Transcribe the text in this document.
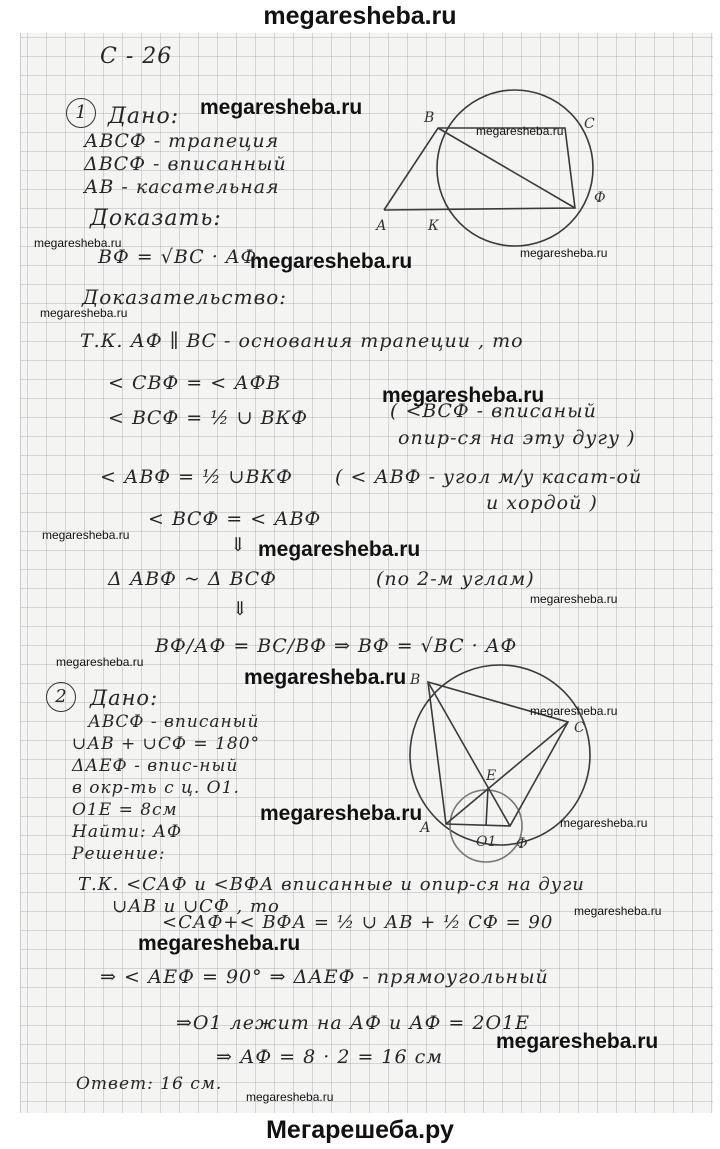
megaresheba.ru
С - 26
1 Дано:
АВСФ - трапеция
ΔВСФ - вписанный
АВ - касательная
Доказать:
ВФ = √BC · AФ
Доказательство:
Т.К. АФ ∥ ВС - основания трапеции , то
< СВФ = < АФВ
< ВСФ = ½ ∪ ВКФ	( <ВСФ - вписаный
опир-ся на эту дугу )
< АВФ = ½ ∪ВКФ ( < АВФ - угол м/у касат-ой
и хордой )
< ВСФ = < АВФ
⇓
Δ АВФ ~ Δ ВСФ	(по 2-м углам)
⇓
ВФ/АФ = ВС/ВФ ⇒ ВФ = √BC · AФ
В	С
Ф
А	К
2	Дано:
АВСФ - вписаный
∪АВ + ∪СФ = 180°
ΔАЕФ - впис-ный
в окр-ть с ц. О1.
О1Е = 8см
Найти: АФ
Решение:
Т.К. <САФ и <ВФА вписанные и опир-ся на дуги
∪АВ и ∪СФ , то
<САФ+< ВФА = ½ ∪ АВ + ½ СФ = 90
⇒ < АЕФ = 90° ⇒ ΔАЕФ - прямоугольный
⇒О1 лежит на АФ и АФ = 2О1Е
⇒ АФ = 8 · 2 = 16 см
Ответ: 16 см.
В
С
Е
А
О1 Ф
megaresheba.ru
megaresheba.ru
megaresheba.ru
megaresheba.ru
megaresheba.ru
megaresheba.ru
megaresheba.ru
megaresheba.ru
megaresheba.ru
megaresheba.ru
megaresheba.ru
megaresheba.ru
megaresheba.ru
megaresheba.ru
megaresheba.ru
megaresheba.ru
megaresheba.ru
megaresheba.ru
megaresheba.ru
Мегарешеба.ру
